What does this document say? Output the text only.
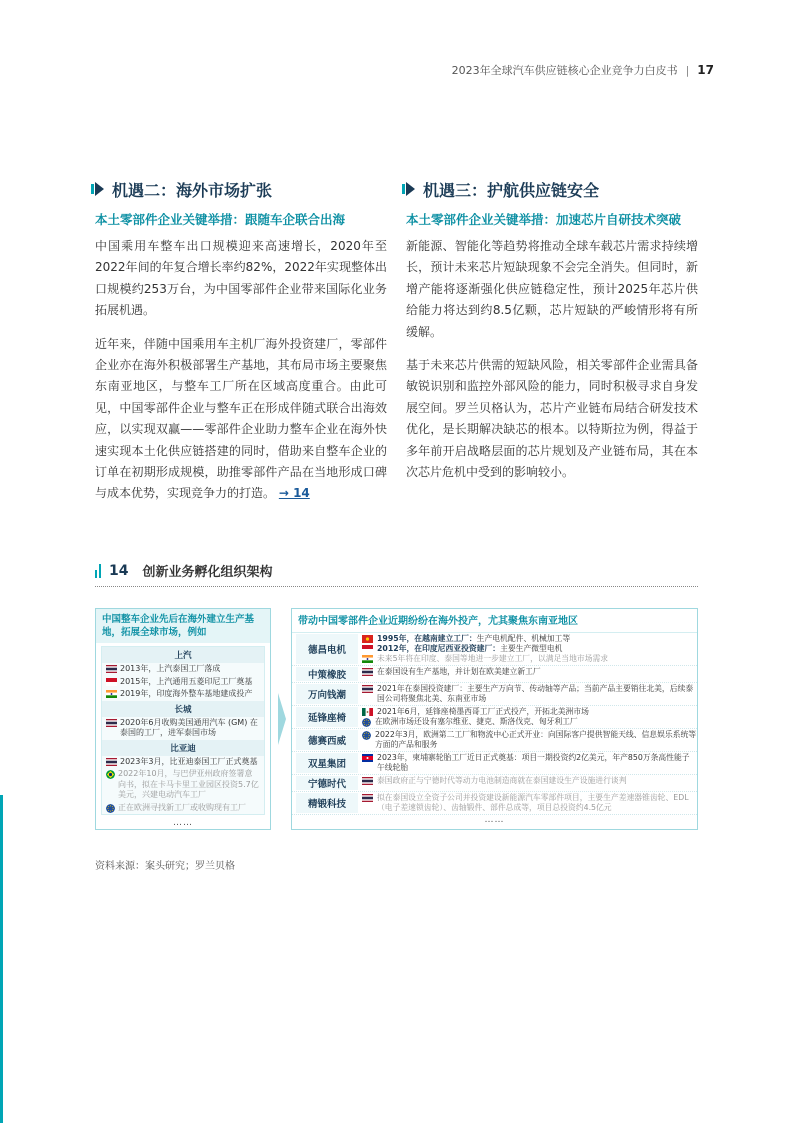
2023年全球汽车供应链核心企业竞争力白皮书 | 17
机遇二：海外市场扩张
本土零部件企业关键举措：跟随车企联合出海

中国乘用车整车出口规模迎来高速增长，2020年至2022年间的年复合增长率约82%，2022年实现整体出口规模约253万台，为中国零部件企业带来国际化业务拓展机遇。

近年来，伴随中国乘用车主机厂海外投资建厂，零部件企业亦在海外积极部署生产基地，其布局市场主要聚焦东南亚地区，与整车工厂所在区域高度重合。由此可见，中国零部件企业与整车正在形成伴随式联合出海效应，以实现双赢——零部件企业助力整车企业在海外快速实现本土化供应链搭建的同时，借助来自整车企业的订单在初期形成规模，助推零部件产品在当地形成口碑与成本优势，实现竞争力的打造。 → 14

机遇三：护航供应链安全
本土零部件企业关键举措：加速芯片自研技术突破

新能源、智能化等趋势将推动全球车载芯片需求持续增长，预计未来芯片短缺现象不会完全消失。但同时，新增产能将逐渐强化供应链稳定性，预计2025年芯片供给能力将达到约8.5亿颗，芯片短缺的严峻情形将有所缓解。

基于未来芯片供需的短缺风险，相关零部件企业需具备敏锐识别和监控外部风险的能力，同时积极寻求自身发展空间。罗兰贝格认为，芯片产业链布局结合研发技术优化，是长期解决缺芯的根本。以特斯拉为例，得益于多年前开启战略层面的芯片规划及产业链布局，其在本次芯片危机中受到的影响较小。

14 创新业务孵化组织架构
中国整车企业先后在海外建立生产基地，拓展全球市场，例如
上汽
2013年，上汽泰国工厂落成
2015年，上汽通用五菱印尼工厂奠基
2019年，印度海外整车基地建成投产
长城
2020年6月收购美国通用汽车 (GM) 在泰国的工厂，进军泰国市场
比亚迪
2023年3月，比亚迪泰国工厂正式奠基
2022年10月，与巴伊亚州政府签署意向书，拟在卡马卡里工业园区投资5.7亿美元，兴建电动汽车工厂
正在欧洲寻找新工厂或收购现有工厂
……
带动中国零部件企业近期纷纷在海外投产，尤其聚焦东南亚地区
德昌电机
1995年，在越南建立工厂：生产电机配件、机械加工等
2012年，在印度尼西亚投资建厂：主要生产微型电机
未来5年将在印度、泰国等地进一步建立工厂，以满足当地市场需求
中策橡胶	在泰国设有生产基地，并计划在欧美建立新工厂
万向钱潮
2021年在泰国投资建厂：主要生产万向节、传动轴等产品；当前产品主要销往北美，后续泰国公司将聚焦北美、东南亚市场
延锋座椅
2021年6月，延锋座椅墨西哥工厂正式投产，开拓北美洲市场
在欧洲市场还设有塞尔维亚、捷克、斯洛伐克、匈牙利工厂
德赛西威
2022年3月，欧洲第二工厂和物流中心正式开业：向国际客户提供智能天线、信息娱乐系统等方面的产品和服务
双星集团
2023年，柬埔寨轮胎工厂近日正式奠基：项目一期投资约2亿美元，年产850万条高性能子午线轮胎
宁德时代	泰国政府正与宁德时代等动力电池制造商就在泰国建设生产设施进行谈判
精锻科技
拟在泰国设立全资子公司并投资建设新能源汽车零部件项目，主要生产差速器锥齿轮、EDL（电子差速锁齿轮）、齿轴锻件、部件总成等，项目总投资约4.5亿元
……
资料来源：案头研究；罗兰贝格
